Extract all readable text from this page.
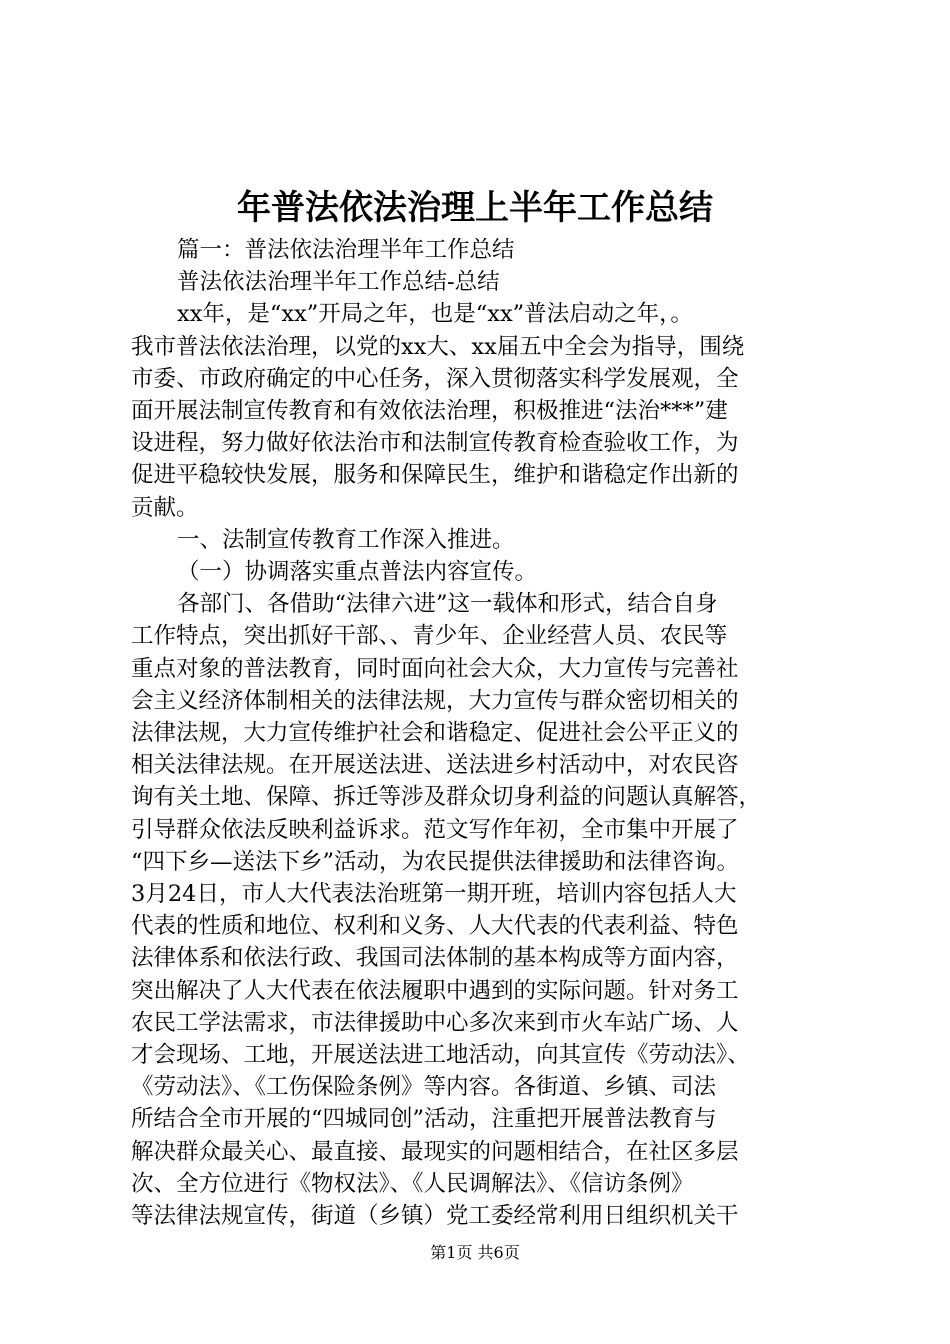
年普法依法治理上半年工作总结

篇一：普法依法治理半年工作总结

普法依法治理半年工作总结-总结

xx年，是“xx”开局之年，也是“xx”普法启动之年，。
我市普法依法治理，以党的xx大、xx届五中全会为指导，围绕
市委、市政府确定的中心任务，深入贯彻落实科学发展观，全
面开展法制宣传教育和有效依法治理，积极推进“法治***”建
设进程，努力做好依法治市和法制宣传教育检查验收工作，为
促进平稳较快发展，服务和保障民生，维护和谐稳定作出新的
贡献。

一、法制宣传教育工作深入推进。

（一）协调落实重点普法内容宣传。

各部门、各借助“法律六进”这一载体和形式，结合自身
工作特点，突出抓好干部、、青少年、企业经营人员、农民等
重点对象的普法教育，同时面向社会大众，大力宣传与完善社
会主义经济体制相关的法律法规，大力宣传与群众密切相关的
法律法规，大力宣传维护社会和谐稳定、促进社会公平正义的
相关法律法规。在开展送法进、送法进乡村活动中，对农民咨
询有关土地、保障、拆迁等涉及群众切身利益的问题认真解答，
引导群众依法反映利益诉求。范文写作年初，全市集中开展了
“四下乡—送法下乡”活动，为农民提供法律援助和法律咨询。
3月24日，市人大代表法治班第一期开班，培训内容包括人大
代表的性质和地位、权利和义务、人大代表的代表利益、特色
法律体系和依法行政、我国司法体制的基本构成等方面内容，
突出解决了人大代表在依法履职中遇到的实际问题。针对务工
农民工学法需求，市法律援助中心多次来到市火车站广场、人
才会现场、工地，开展送法进工地活动，向其宣传《劳动法》、
《劳动法》、《工伤保险条例》等内容。各街道、乡镇、司法
所结合全市开展的“四城同创”活动，注重把开展普法教育与
解决群众最关心、最直接、最现实的问题相结合，在社区多层
次、全方位进行《物权法》、《人民调解法》、《信访条例》
等法律法规宣传，街道（乡镇）党工委经常利用日组织机关干

第1页 共6页
